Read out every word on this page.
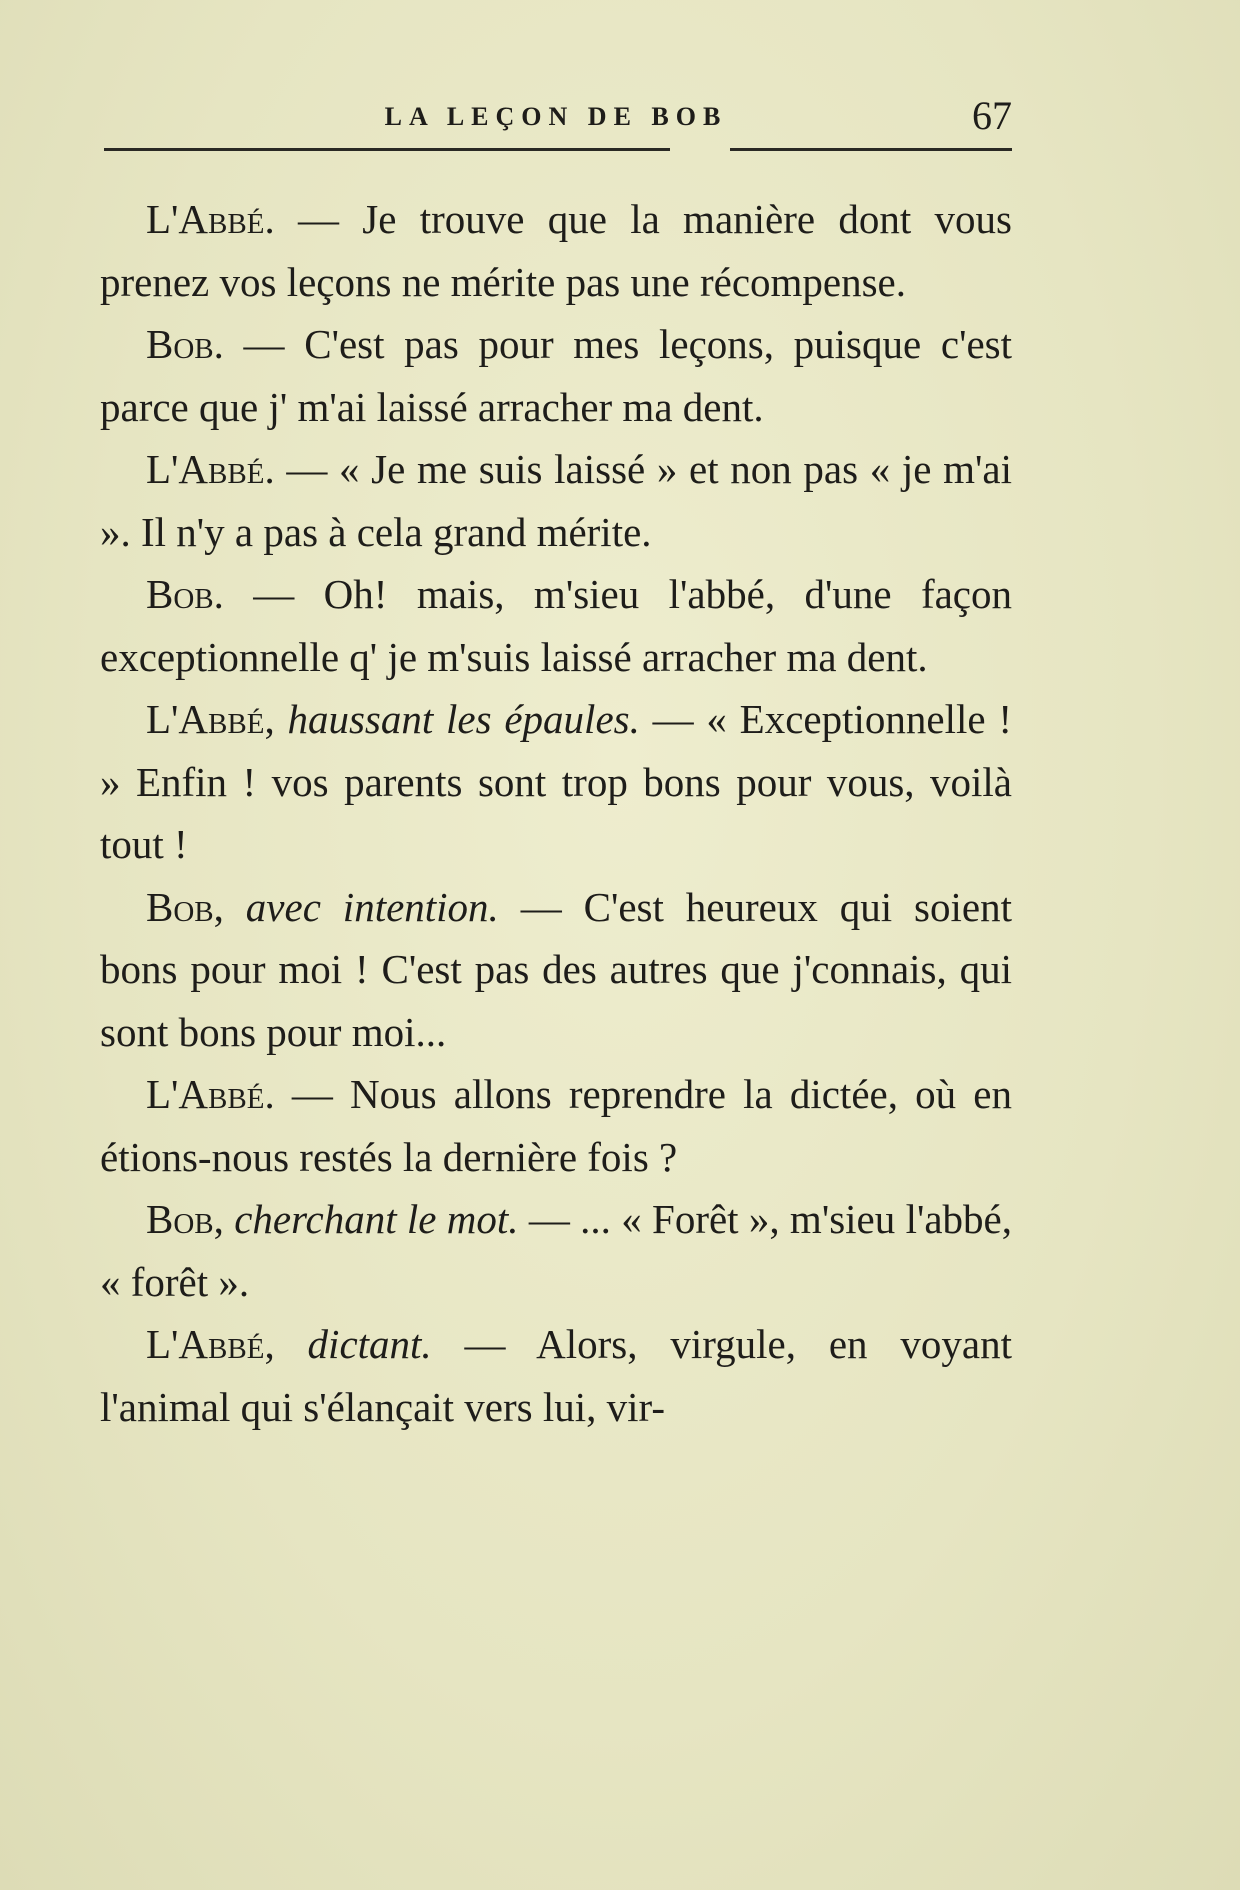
LA LEÇON DE BOB	67

L'Abbé. — Je trouve que la manière dont vous prenez vos leçons ne mérite pas une récompense.

Bob. — C'est pas pour mes leçons, puisque c'est parce que j' m'ai laissé arracher ma dent.

L'Abbé. — « Je me suis laissé » et non pas « je m'ai ». Il n'y a pas à cela grand mérite.

Bob. — Oh! mais, m'sieu l'abbé, d'une façon exceptionnelle q' je m'suis laissé arracher ma dent.

L'Abbé, haussant les épaules. — « Exceptionnelle ! » Enfin ! vos parents sont trop bons pour vous, voilà tout !

Bob, avec intention. — C'est heureux qui soient bons pour moi ! C'est pas des autres que j'connais, qui sont bons pour moi...

L'Abbé. — Nous allons reprendre la dictée, où en étions-nous restés la dernière fois ?

Bob, cherchant le mot. — ... « Forêt », m'sieu l'abbé, « forêt ».

L'Abbé, dictant. — Alors, virgule, en voyant l'animal qui s'élançait vers lui, vir-
